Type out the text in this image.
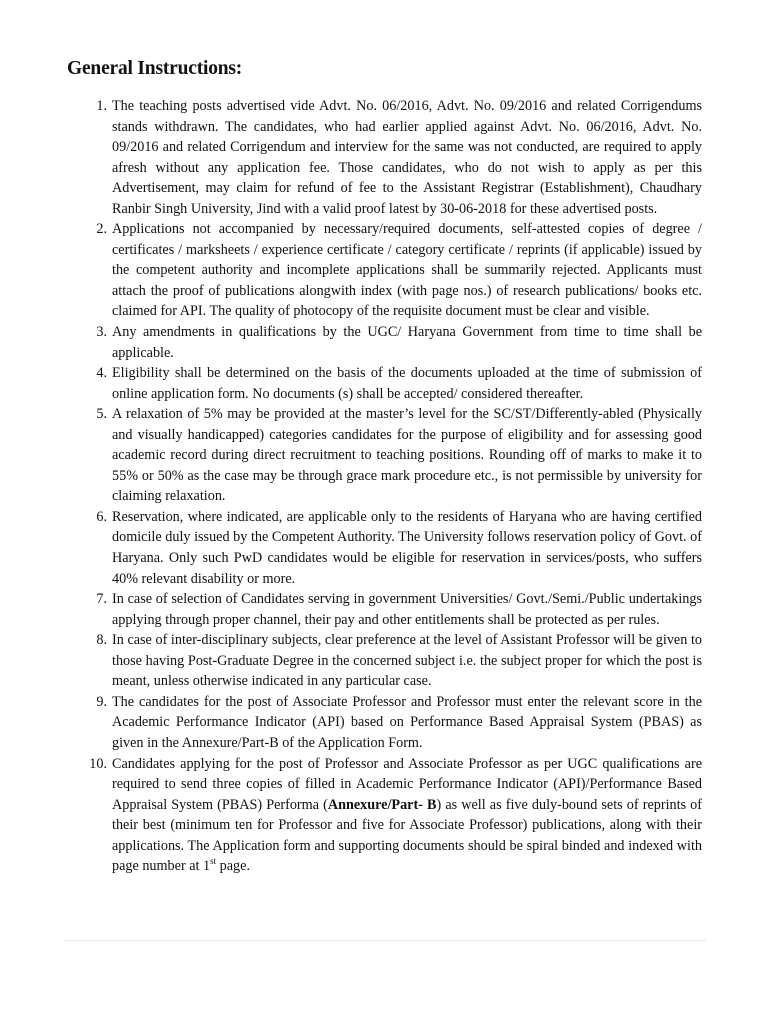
General Instructions:
1. The teaching posts advertised vide Advt. No. 06/2016, Advt. No. 09/2016 and related Corrigendums stands withdrawn. The candidates, who had earlier applied against Advt. No. 06/2016, Advt. No. 09/2016 and related Corrigendum and interview for the same was not conducted, are required to apply afresh without any application fee. Those candidates, who do not wish to apply as per this Advertisement, may claim for refund of fee to the Assistant Registrar (Establishment), Chaudhary Ranbir Singh University, Jind with a valid proof latest by 30-06-2018 for these advertised posts.
2. Applications not accompanied by necessary/required documents, self-attested copies of degree / certificates / marksheets / experience certificate / category certificate / reprints (if applicable) issued by the competent authority and incomplete applications shall be summarily rejected. Applicants must attach the proof of publications alongwith index (with page nos.) of research publications/ books etc. claimed for API. The quality of photocopy of the requisite document must be clear and visible.
3. Any amendments in qualifications by the UGC/ Haryana Government from time to time shall be applicable.
4. Eligibility shall be determined on the basis of the documents uploaded at the time of submission of online application form. No documents (s) shall be accepted/ considered thereafter.
5. A relaxation of 5% may be provided at the master’s level for the SC/ST/Differently-abled (Physically and visually handicapped) categories candidates for the purpose of eligibility and for assessing good academic record during direct recruitment to teaching positions. Rounding off of marks to make it to 55% or 50% as the case may be through grace mark procedure etc., is not permissible by university for claiming relaxation.
6. Reservation, where indicated, are applicable only to the residents of Haryana who are having certified domicile duly issued by the Competent Authority. The University follows reservation policy of Govt. of Haryana. Only such PwD candidates would be eligible for reservation in services/posts, who suffers 40% relevant disability or more.
7. In case of selection of Candidates serving in government Universities/ Govt./Semi./Public undertakings applying through proper channel, their pay and other entitlements shall be protected as per rules.
8. In case of inter-disciplinary subjects, clear preference at the level of Assistant Professor will be given to those having Post-Graduate Degree in the concerned subject i.e. the subject proper for which the post is meant, unless otherwise indicated in any particular case.
9. The candidates for the post of Associate Professor and Professor must enter the relevant score in the Academic Performance Indicator (API) based on Performance Based Appraisal System (PBAS) as given in the Annexure/Part-B of the Application Form.
10. Candidates applying for the post of Professor and Associate Professor as per UGC qualifications are required to send three copies of filled in Academic Performance Indicator (API)/Performance Based Appraisal System (PBAS) Performa (Annexure/Part- B) as well as five duly-bound sets of reprints of their best (minimum ten for Professor and five for Associate Professor) publications, along with their applications. The Application form and supporting documents should be spiral binded and indexed with page number at 1st page.
